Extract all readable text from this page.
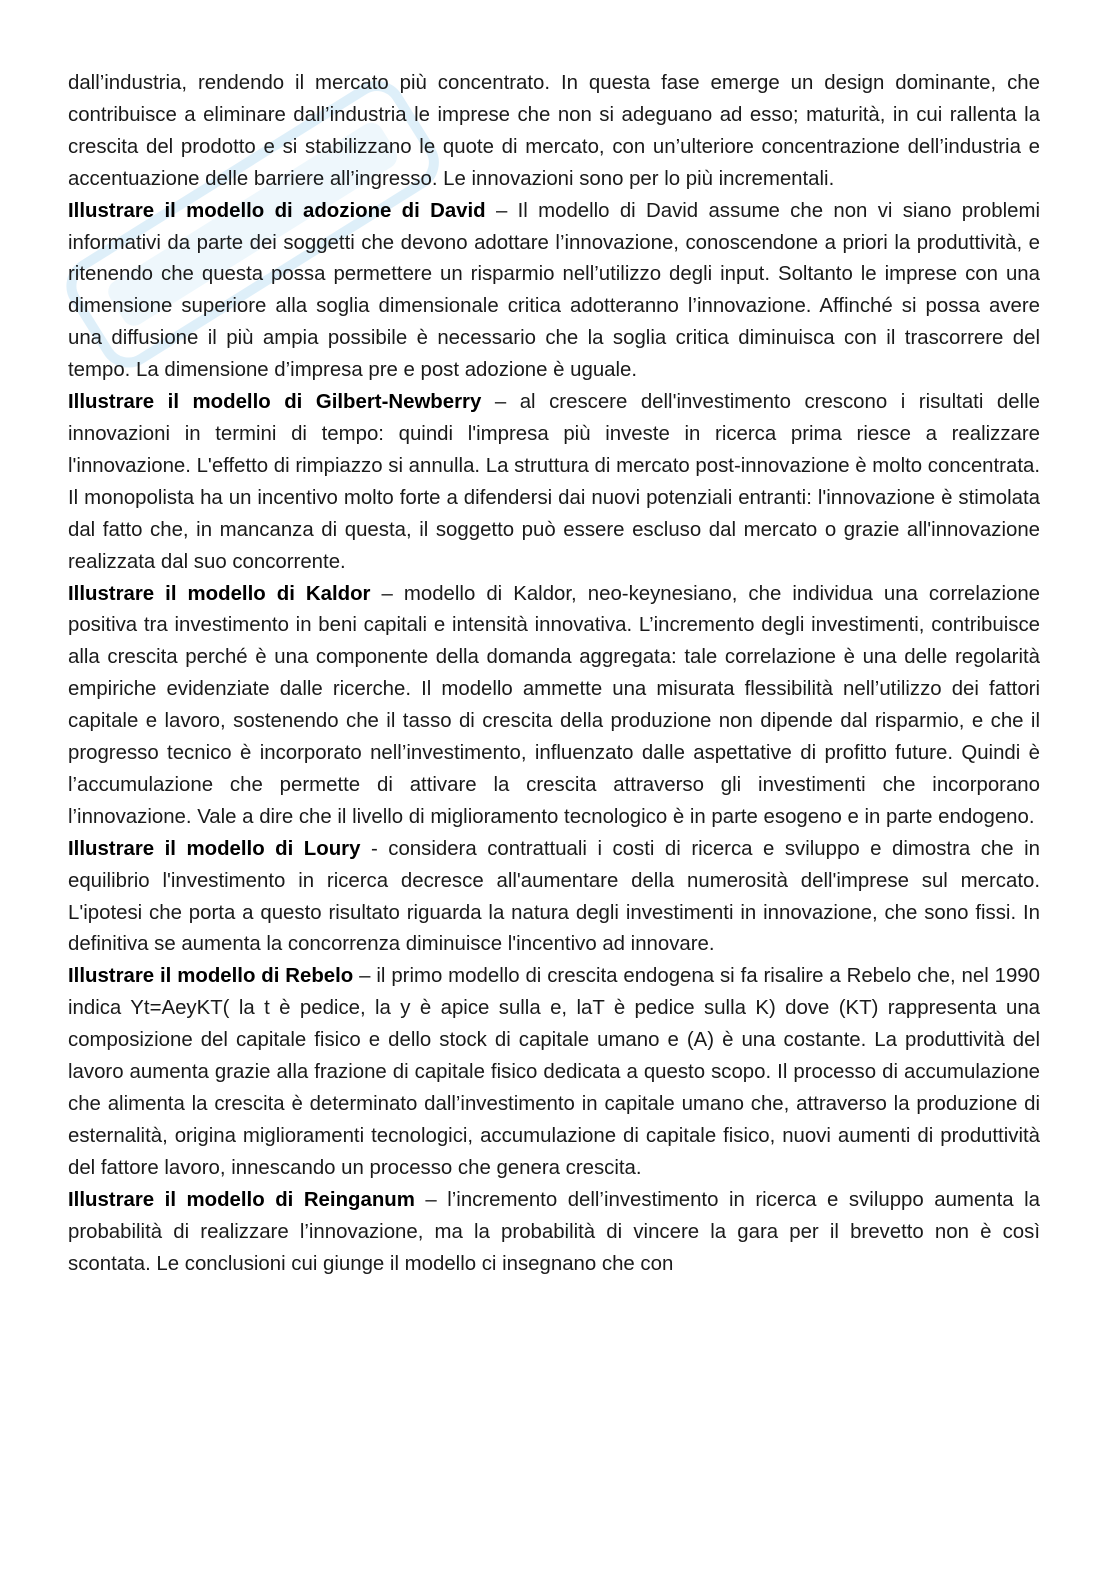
dall’industria, rendendo il mercato più concentrato. In questa fase emerge un design dominante, che contribuisce a eliminare dall’industria le imprese che non si adeguano ad esso; maturità, in cui rallenta la crescita del prodotto e si stabilizzano le quote di mercato, con un’ulteriore concentrazione dell’industria e accentuazione delle barriere all’ingresso. Le innovazioni sono per lo più incrementali.

Illustrare il modello di adozione di David – Il modello di David assume che non vi siano problemi informativi da parte dei soggetti che devono adottare l’innovazione, conoscendone a priori la produttività, e ritenendo che questa possa permettere un risparmio nell’utilizzo degli input. Soltanto le imprese con una dimensione superiore alla soglia dimensionale critica adotteranno l’innovazione. Affinché si possa avere una diffusione il più ampia possibile è necessario che la soglia critica diminuisca con il trascorrere del tempo. La dimensione d’impresa pre e post adozione è uguale.

Illustrare il modello di Gilbert-Newberry – al crescere dell'investimento crescono i risultati delle innovazioni in termini di tempo: quindi l'impresa più investe in ricerca prima riesce a realizzare l'innovazione. L'effetto di rimpiazzo si annulla. La struttura di mercato post-innovazione è molto concentrata. Il monopolista ha un incentivo molto forte a difendersi dai nuovi potenziali entranti: l'innovazione è stimolata dal fatto che, in mancanza di questa, il soggetto può essere escluso dal mercato o grazie all'innovazione realizzata dal suo concorrente.

Illustrare il modello di Kaldor – modello di Kaldor, neo-keynesiano, che individua una correlazione positiva tra investimento in beni capitali e intensità innovativa. L’incremento degli investimenti, contribuisce alla crescita perché è una componente della domanda aggregata: tale correlazione è una delle regolarità empiriche evidenziate dalle ricerche. Il modello ammette una misurata flessibilità nell’utilizzo dei fattori capitale e lavoro, sostenendo che il tasso di crescita della produzione non dipende dal risparmio, e che il progresso tecnico è incorporato nell’investimento, influenzato dalle aspettative di profitto future. Quindi è l’accumulazione che permette di attivare la crescita attraverso gli investimenti che incorporano l’innovazione. Vale a dire che il livello di miglioramento tecnologico è in parte esogeno e in parte endogeno.

Illustrare il modello di Loury - considera contrattuali i costi di ricerca e sviluppo e dimostra che in equilibrio l'investimento in ricerca decresce all'aumentare della numerosità dell'imprese sul mercato. L'ipotesi che porta a questo risultato riguarda la natura degli investimenti in innovazione, che sono fissi. In definitiva se aumenta la concorrenza diminuisce l'incentivo ad innovare.

Illustrare il modello di Rebelo – il primo modello di crescita endogena si fa risalire a Rebelo che, nel 1990 indica Yt=AeyKT( la t è pedice, la y è apice sulla e, laT è pedice sulla K) dove (KT) rappresenta una composizione del capitale fisico e dello stock di capitale umano e (A) è una costante. La produttività del lavoro aumenta grazie alla frazione di capitale fisico dedicata a questo scopo. Il processo di accumulazione che alimenta la crescita è determinato dall’investimento in capitale umano che, attraverso la produzione di esternalità, origina miglioramenti tecnologici, accumulazione di capitale fisico, nuovi aumenti di produttività del fattore lavoro, innescando un processo che genera crescita.

Illustrare il modello di Reinganum – l’incremento dell’investimento in ricerca e sviluppo aumenta la probabilità di realizzare l’innovazione, ma la probabilità di vincere la gara per il brevetto non è così scontata. Le conclusioni cui giunge il modello ci insegnano che con
